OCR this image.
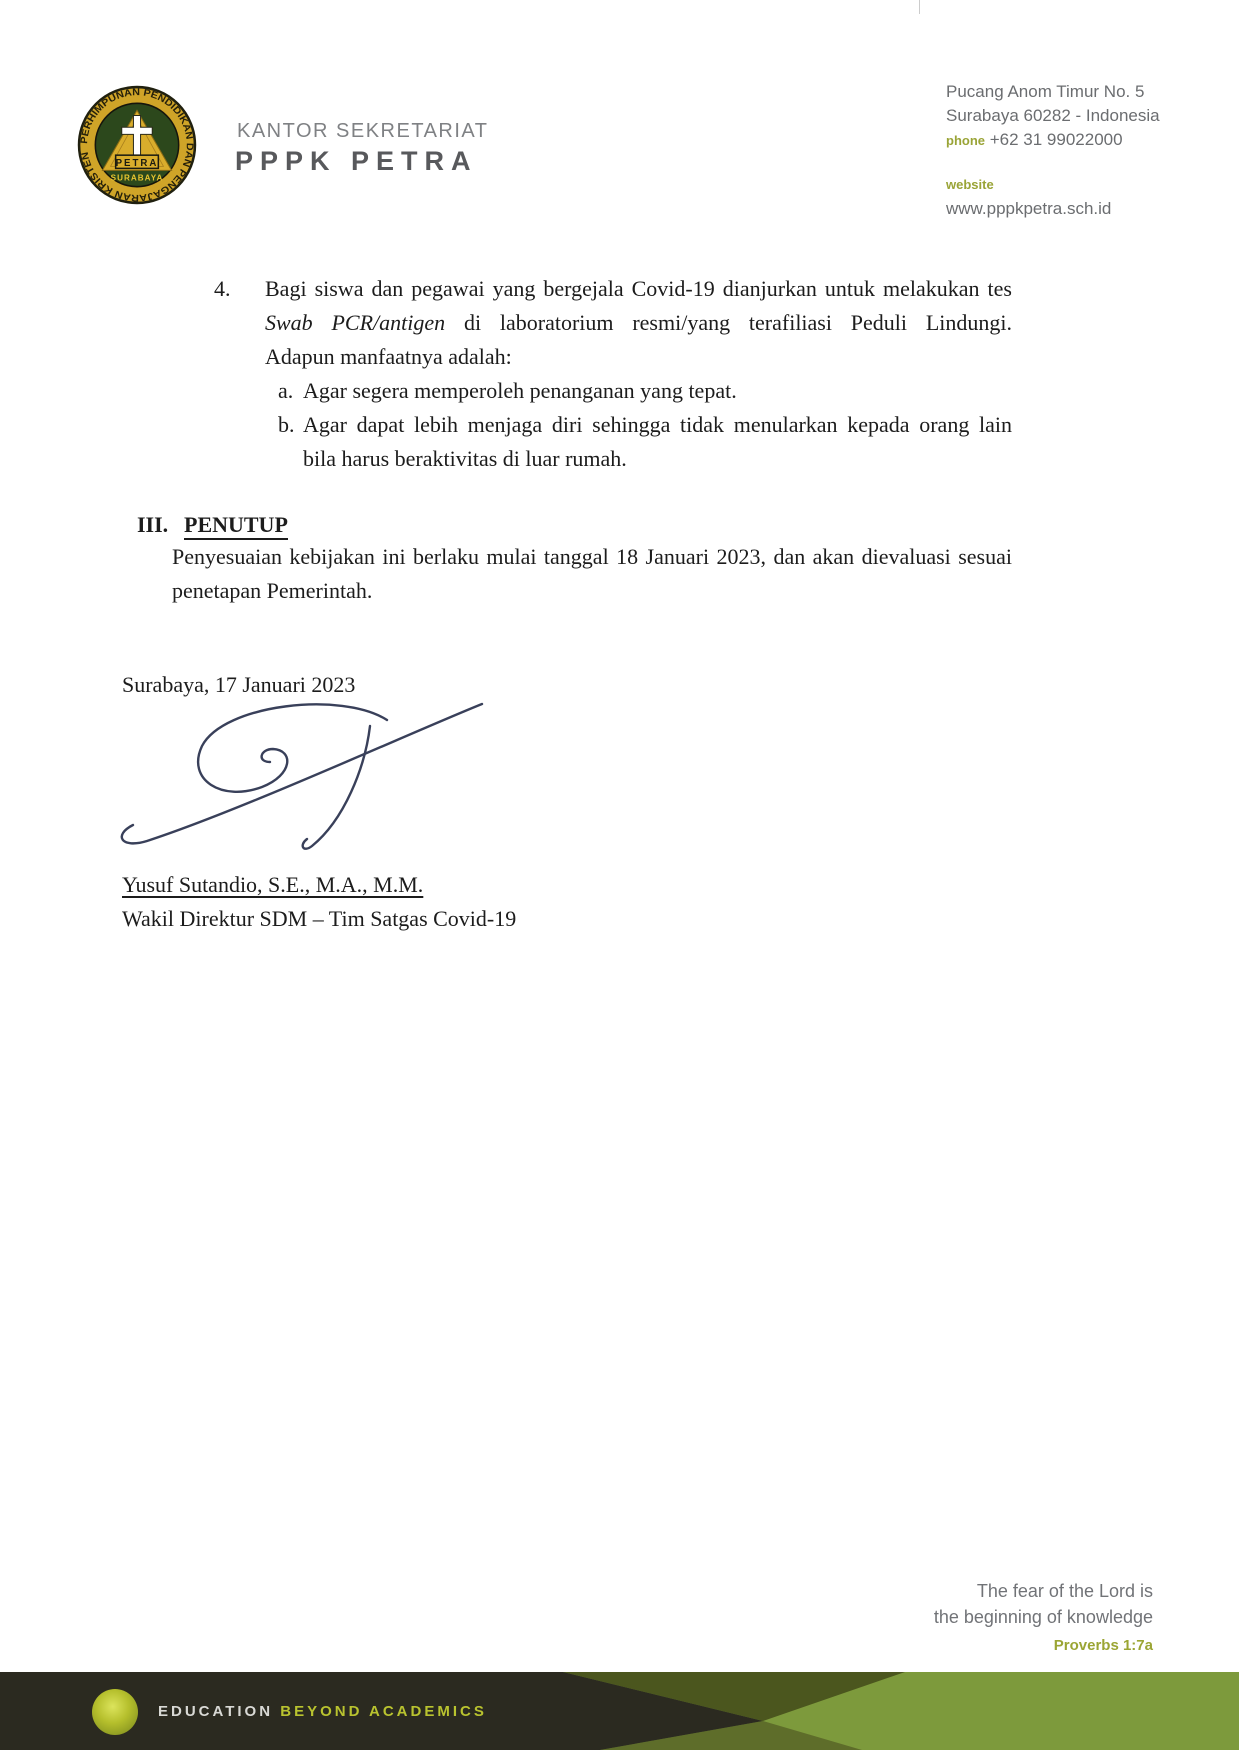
PERHIMPUNAN PENDIDIKAN DAN PENGAJARAN KRISTEN
PETRA
SURABAYA
KANTOR SEKRETARIAT
PPPK PETRA
Pucang Anom Timur No. 5
Surabaya 60282 - Indonesia
phone +62 31 99022000
website
www.pppkpetra.sch.id
4. Bagi siswa dan pegawai yang bergejala Covid-19 dianjurkan untuk melakukan tes
Swab PCR/antigen di laboratorium resmi/yang terafiliasi Peduli Lindungi.
Adapun manfaatnya adalah:
a. Agar segera memperoleh penanganan yang tepat.
b. Agar dapat lebih menjaga diri sehingga tidak menularkan kepada orang lain
bila harus beraktivitas di luar rumah.
III. PENUTUP
Penyesuaian kebijakan ini berlaku mulai tanggal 18 Januari 2023, dan akan dievaluasi sesuai
penetapan Pemerintah.
Surabaya, 17 Januari 2023
Yusuf Sutandio, S.E., M.A., M.M.
Wakil Direktur SDM – Tim Satgas Covid-19
The fear of the Lord is
the beginning of knowledge
Proverbs 1:7a
EDUCATION BEYOND ACADEMICS
